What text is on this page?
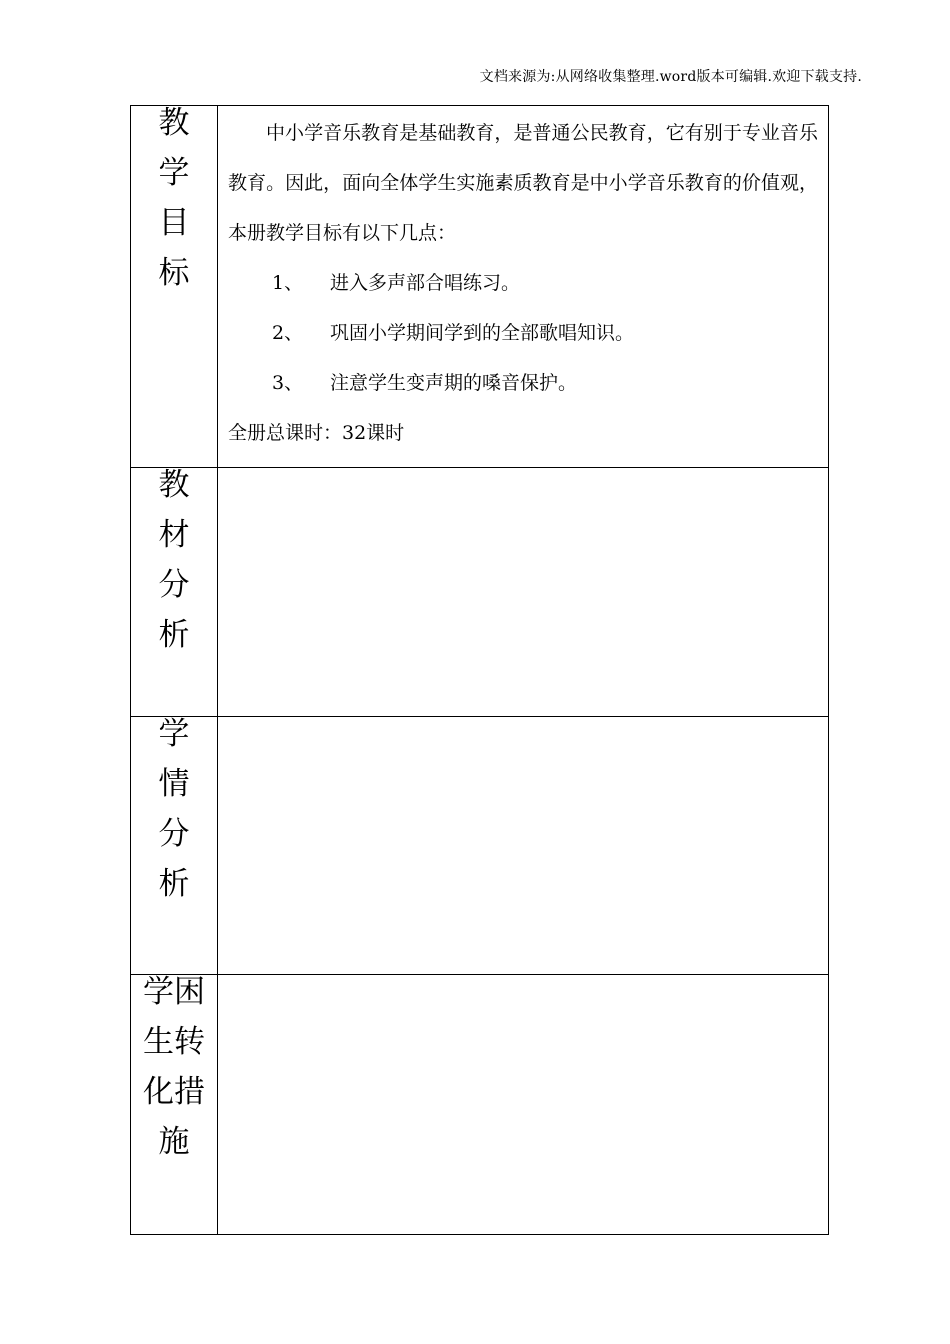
文档来源为:从网络收集整理.word版本可编辑.欢迎下载支持.
教学目标	中小学音乐教育是基础教育，是普通公民教育，它有别于专业音乐教育。因此，面向全体学生实施素质教育是中小学音乐教育的价值观，本册教学目标有以下几点：

1、 进入多声部合唱练习。

2、 巩固小学期间学到的全部歌唱知识。

3、 注意学生变声期的嗓音保护。

全册总课时：32课时

教材分析	

学情分析	

学困生转化措施	
